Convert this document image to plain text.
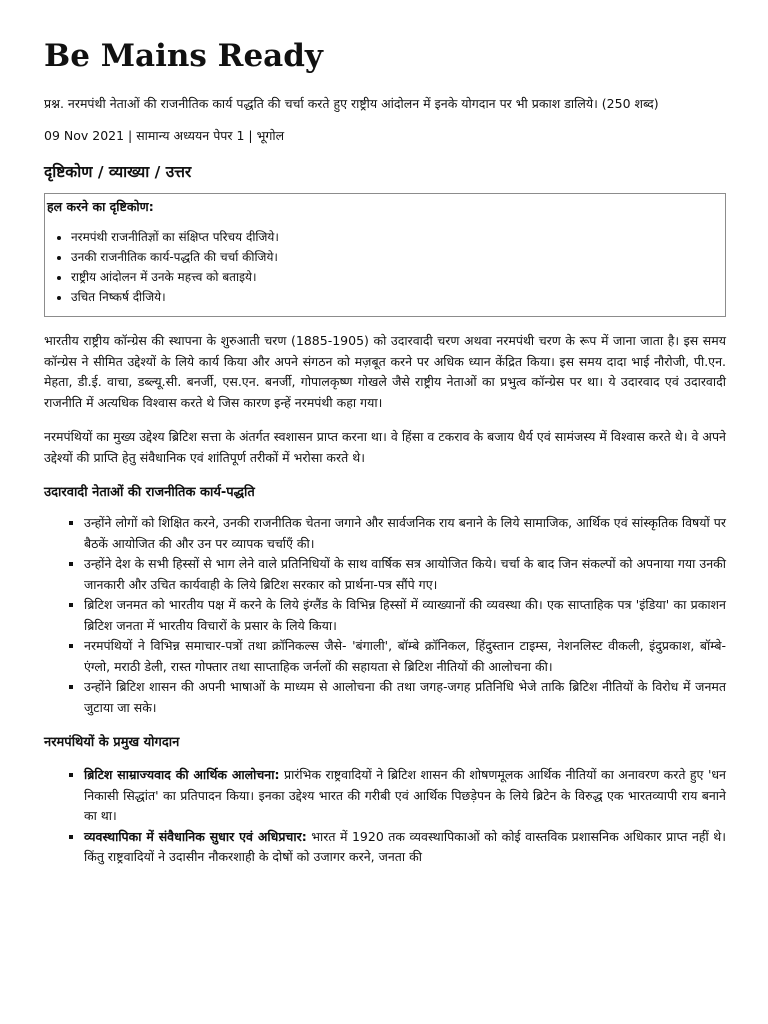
Be Mains Ready
प्रश्न. नरमपंथी नेताओं की राजनीतिक कार्य पद्धति की चर्चा करते हुए राष्ट्रीय आंदोलन में इनके योगदान पर भी प्रकाश डालिये। (250 शब्द)
09 Nov 2021 | सामान्य अध्ययन पेपर 1 | भूगोल
दृष्टिकोण / व्याख्या / उत्तर
हल करने का दृष्टिकोण:
• नरमपंथी राजनीतिज्ञों का संक्षिप्त परिचय दीजिये।
• उनकी राजनीतिक कार्य-पद्धति की चर्चा कीजिये।
• राष्ट्रीय आंदोलन में उनके महत्त्व को बताइये।
• उचित निष्कर्ष दीजिये।
भारतीय राष्ट्रीय कॉन्ग्रेस की स्थापना के शुरुआती चरण (1885-1905) को उदारवादी चरण अथवा नरमपंथी चरण के रूप में जाना जाता है। इस समय कॉन्ग्रेस ने सीमित उद्देश्यों के लिये कार्य किया और अपने संगठन को मज़बूत करने पर अधिक ध्यान केंद्रित किया। इस समय दादा भाई नौरोजी, पी.एन. मेहता, डी.ई. वाचा, डब्ल्यू.सी. बनर्जी, एस.एन. बनर्जी, गोपालकृष्ण गोखले जैसे राष्ट्रीय नेताओं का प्रभुत्व कॉन्ग्रेस पर था। ये उदारवाद एवं उदारवादी राजनीति में अत्यधिक विश्वास करते थे जिस कारण इन्हें नरमपंथी कहा गया।
नरमपंथियों का मुख्य उद्देश्य ब्रिटिश सत्ता के अंतर्गत स्वशासन प्राप्त करना था। वे हिंसा व टकराव के बजाय धैर्य एवं सामंजस्य में विश्वास करते थे। वे अपने उद्देश्यों की प्राप्ति हेतु संवैधानिक एवं शांतिपूर्ण तरीकों में भरोसा करते थे।
उदारवादी नेताओं की राजनीतिक कार्य-पद्धति
▪ उन्होंने लोगों को शिक्षित करने, उनकी राजनीतिक चेतना जगाने और सार्वजनिक राय बनाने के लिये सामाजिक, आर्थिक एवं सांस्कृतिक विषयों पर बैठकें आयोजित की और उन पर व्यापक चर्चाएँ की।
▪ उन्होंने देश के सभी हिस्सों से भाग लेने वाले प्रतिनिधियों के साथ वार्षिक सत्र आयोजित किये। चर्चा के बाद जिन संकल्पों को अपनाया गया उनकी जानकारी और उचित कार्यवाही के लिये ब्रिटिश सरकार को प्रार्थना-पत्र सौंपे गए।
▪ ब्रिटिश जनमत को भारतीय पक्ष में करने के लिये इंग्लैंड के विभिन्न हिस्सों में व्याख्यानों की व्यवस्था की। एक साप्ताहिक पत्र 'इंडिया' का प्रकाशन ब्रिटिश जनता में भारतीय विचारों के प्रसार के लिये किया।
▪ नरमपंथियों ने विभिन्न समाचार-पत्रों तथा क्रॉनिकल्स जैसे- 'बंगाली', बॉम्बे क्रॉनिकल, हिंदुस्तान टाइम्स, नेशनलिस्ट वीकली, इंदुप्रकाश, बॉम्बे-एंग्लो, मराठी डेली, रास्त गोफ्तार तथा साप्ताहिक जर्नलों की सहायता से ब्रिटिश नीतियों की आलोचना की।
▪ उन्होंने ब्रिटिश शासन की अपनी भाषाओं के माध्यम से आलोचना की तथा जगह-जगह प्रतिनिधि भेजे ताकि ब्रिटिश नीतियों के विरोध में जनमत जुटाया जा सके।
नरमपंथियों के प्रमुख योगदान
▪ ब्रिटिश साम्राज्यवाद की आर्थिक आलोचना: प्रारंभिक राष्ट्रवादियों ने ब्रिटिश शासन की शोषणमूलक आर्थिक नीतियों का अनावरण करते हुए 'धन निकासी सिद्धांत' का प्रतिपादन किया। इनका उद्देश्य भारत की गरीबी एवं आर्थिक पिछड़ेपन के लिये ब्रिटेन के विरुद्ध एक भारतव्यापी राय बनाने का था।
▪ व्यवस्थापिका में संवैधानिक सुधार एवं अधिप्रचार: भारत में 1920 तक व्यवस्थापिकाओं को कोई वास्तविक प्रशासनिक अधिकार प्राप्त नहीं थे। किंतु राष्ट्रवादियों ने उदासीन नौकरशाही के दोषों को उजागर करने, जनता की
